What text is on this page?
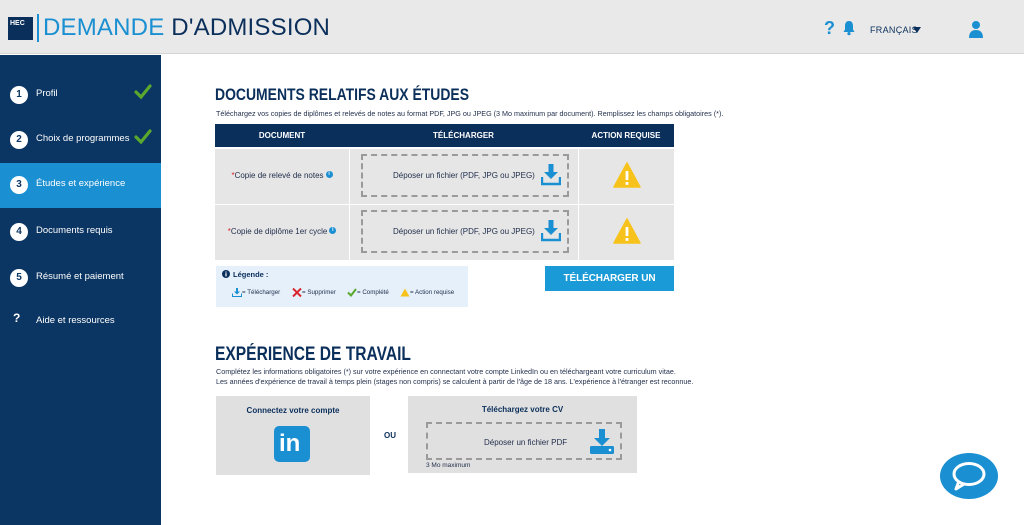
HEC DEMANDE D'ADMISSION	?	FRANÇAIS
1	Profil
2	Choix de programmes
3	Études et expérience
4	Documents requis
5	Résumé et paiement
? Aide et ressources
DOCUMENTS RELATIFS AUX ÉTUDES
Téléchargez vos copies de diplômes et relevés de notes au format PDF, JPG ou JPEG (3 Mo maximum par document). Remplissez les champs obligatoires (*).
DOCUMENT	TÉLÉCHARGER	ACTION REQUISE
*Copie de relevé de notes i	Déposer un fichier (PDF, JPG ou JPEG)
*Copie de diplôme 1er cycle i	Déposer un fichier (PDF, JPG ou JPEG)
Légende :
= Télécharger	= Supprimer	= Complété	= Action requise
TÉLÉCHARGER UN DOCUMENT
EXPÉRIENCE DE TRAVAIL
Complétez les informations obligatoires (*) sur votre expérience en connectant votre compte LinkedIn ou en téléchargeant votre curriculum vitae.
Les années d'expérience de travail à temps plein (stages non compris) se calculent à partir de l'âge de 18 ans. L'expérience à l'étranger est reconnue.
Connectez votre compte
in	OU
Téléchargez votre CV
Déposer un fichier PDF
3 Mo maximum
